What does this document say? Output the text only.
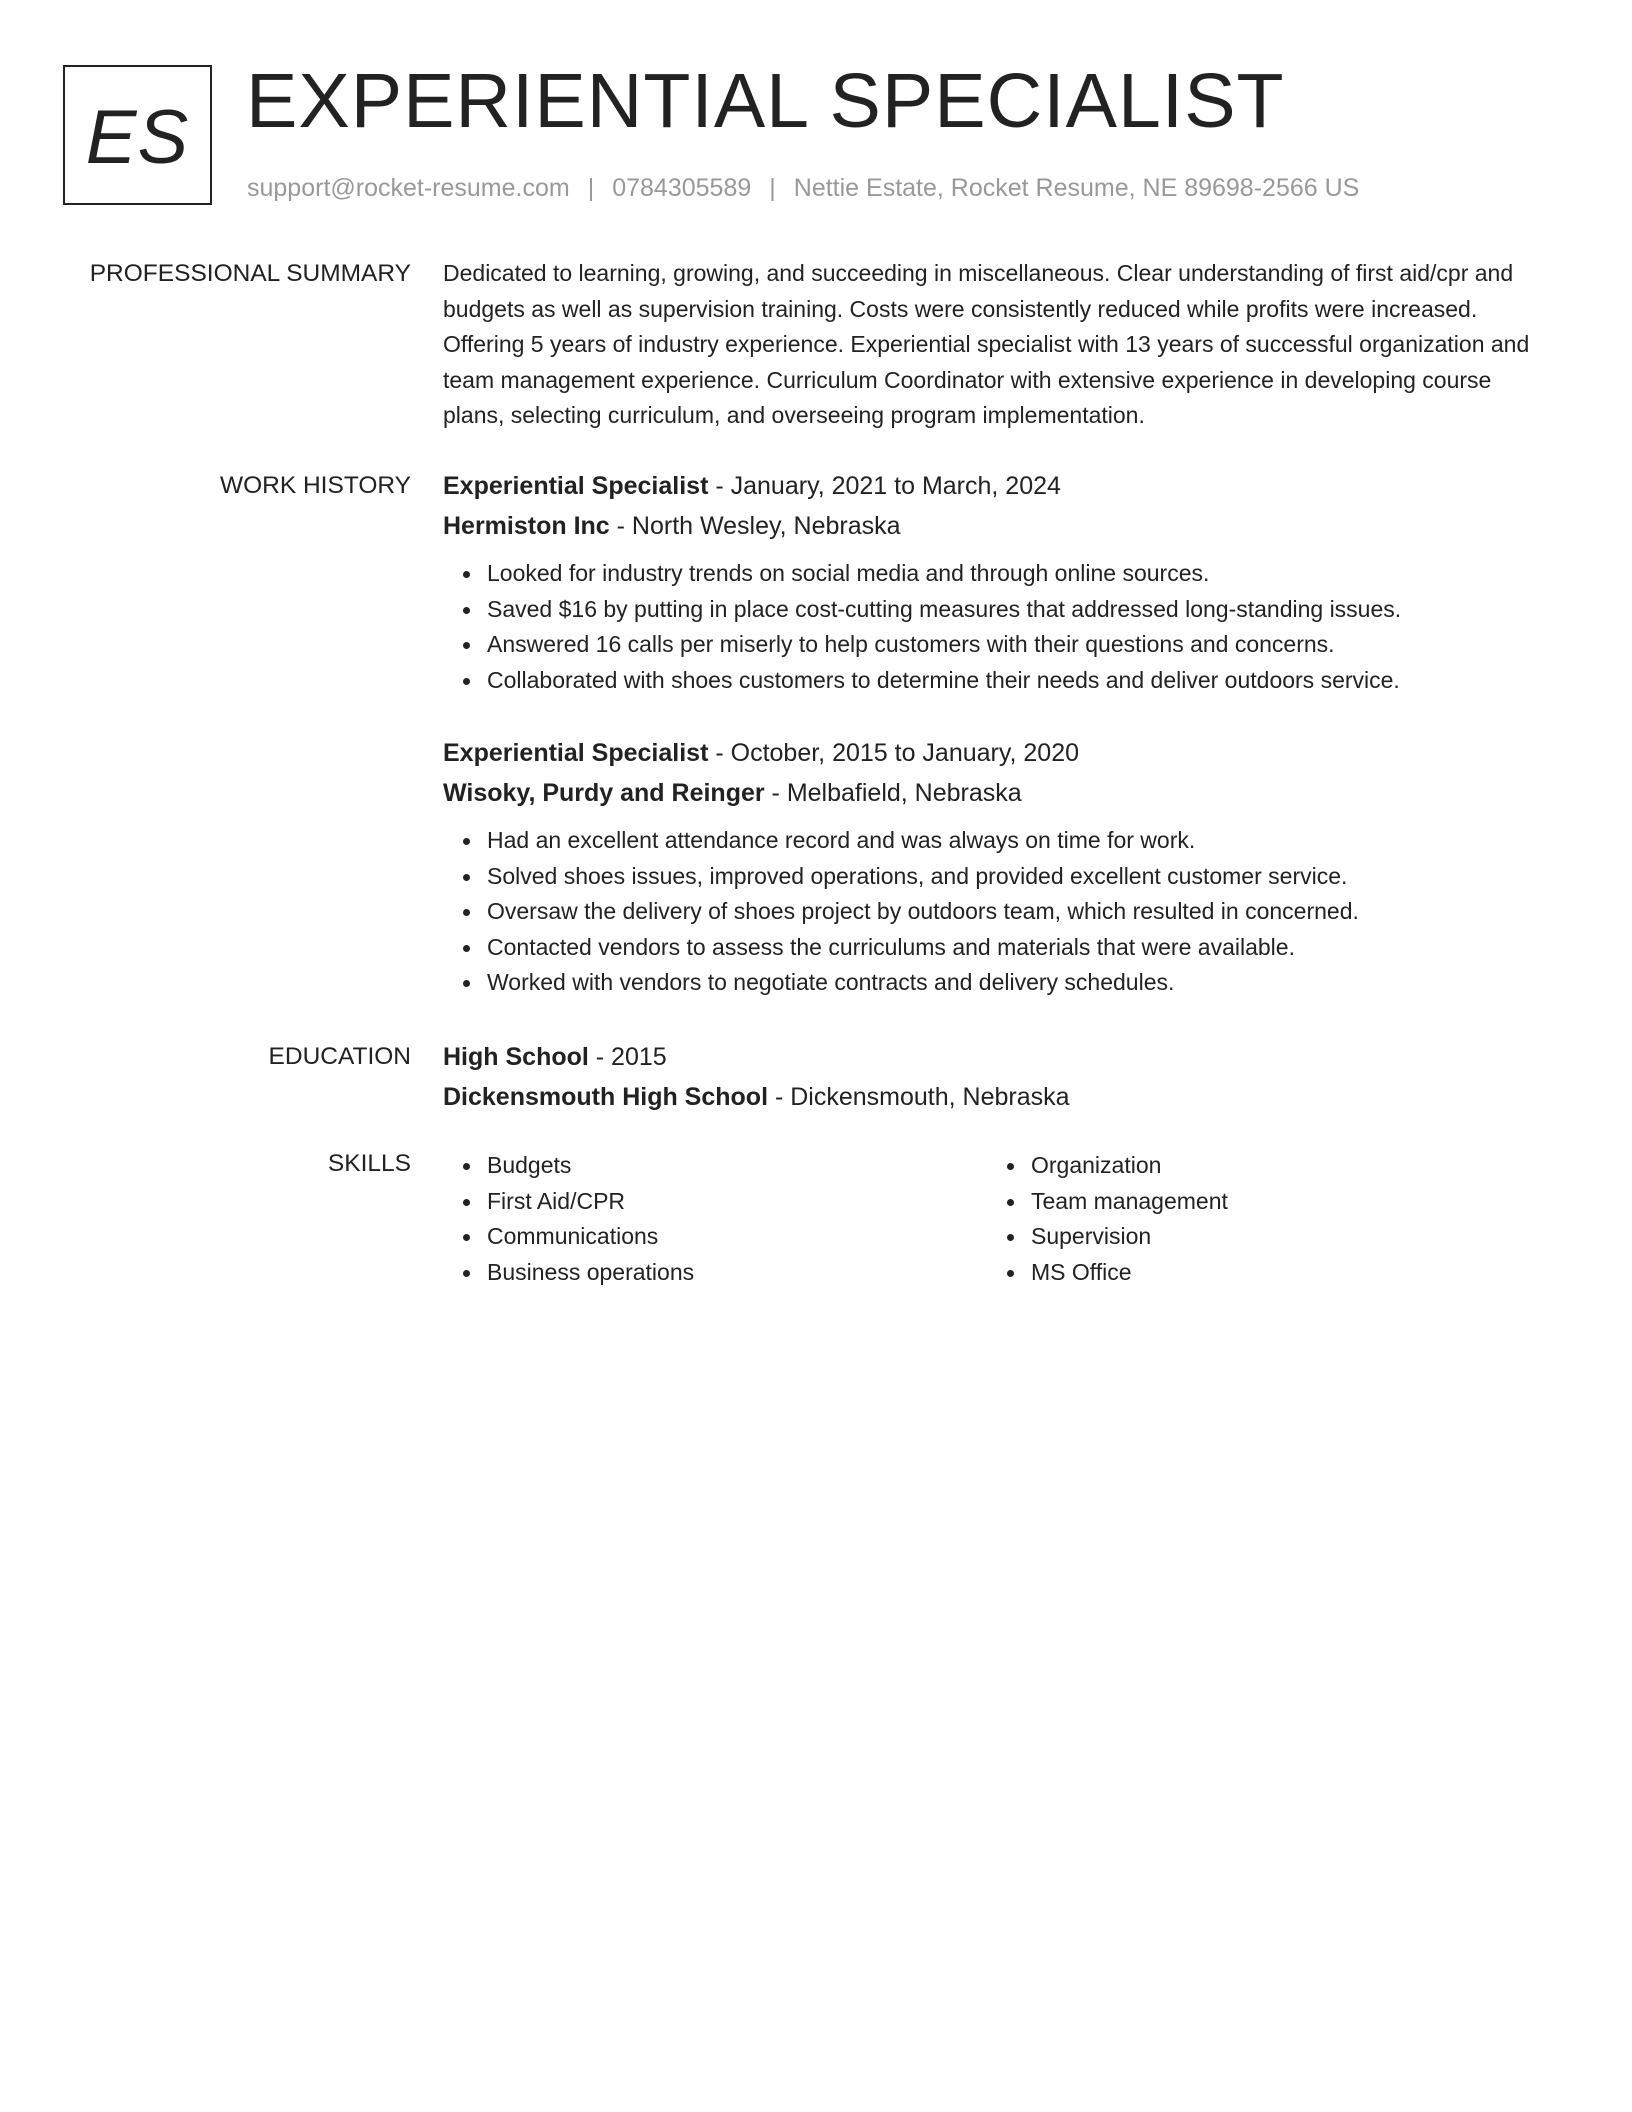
ES EXPERIENTIAL SPECIALIST
support@rocket-resume.com | 0784305589 | Nettie Estate, Rocket Resume, NE 89698-2566 US
PROFESSIONAL SUMMARY Dedicated to learning, growing, and succeeding in miscellaneous. Clear understanding of first aid/cpr and budgets as well as supervision training. Costs were consistently reduced while profits were increased. Offering 5 years of industry experience. Experiential specialist with 13 years of successful organization and team management experience. Curriculum Coordinator with extensive experience in developing course plans, selecting curriculum, and overseeing program implementation.
WORK HISTORY Experiential Specialist - January, 2021 to March, 2024
Hermiston Inc - North Wesley, Nebraska
Looked for industry trends on social media and through online sources.
Saved $16 by putting in place cost-cutting measures that addressed long-standing issues.
Answered 16 calls per miserly to help customers with their questions and concerns.
Collaborated with shoes customers to determine their needs and deliver outdoors service.
Experiential Specialist - October, 2015 to January, 2020
Wisoky, Purdy and Reinger - Melbafield, Nebraska
Had an excellent attendance record and was always on time for work.
Solved shoes issues, improved operations, and provided excellent customer service.
Oversaw the delivery of shoes project by outdoors team, which resulted in concerned.
Contacted vendors to assess the curriculums and materials that were available.
Worked with vendors to negotiate contracts and delivery schedules.
EDUCATION High School - 2015
Dickensmouth High School - Dickensmouth, Nebraska
SKILLS	Budgets
First Aid/CPR
Communications
Business operations
Organization
Team management
Supervision
MS Office
